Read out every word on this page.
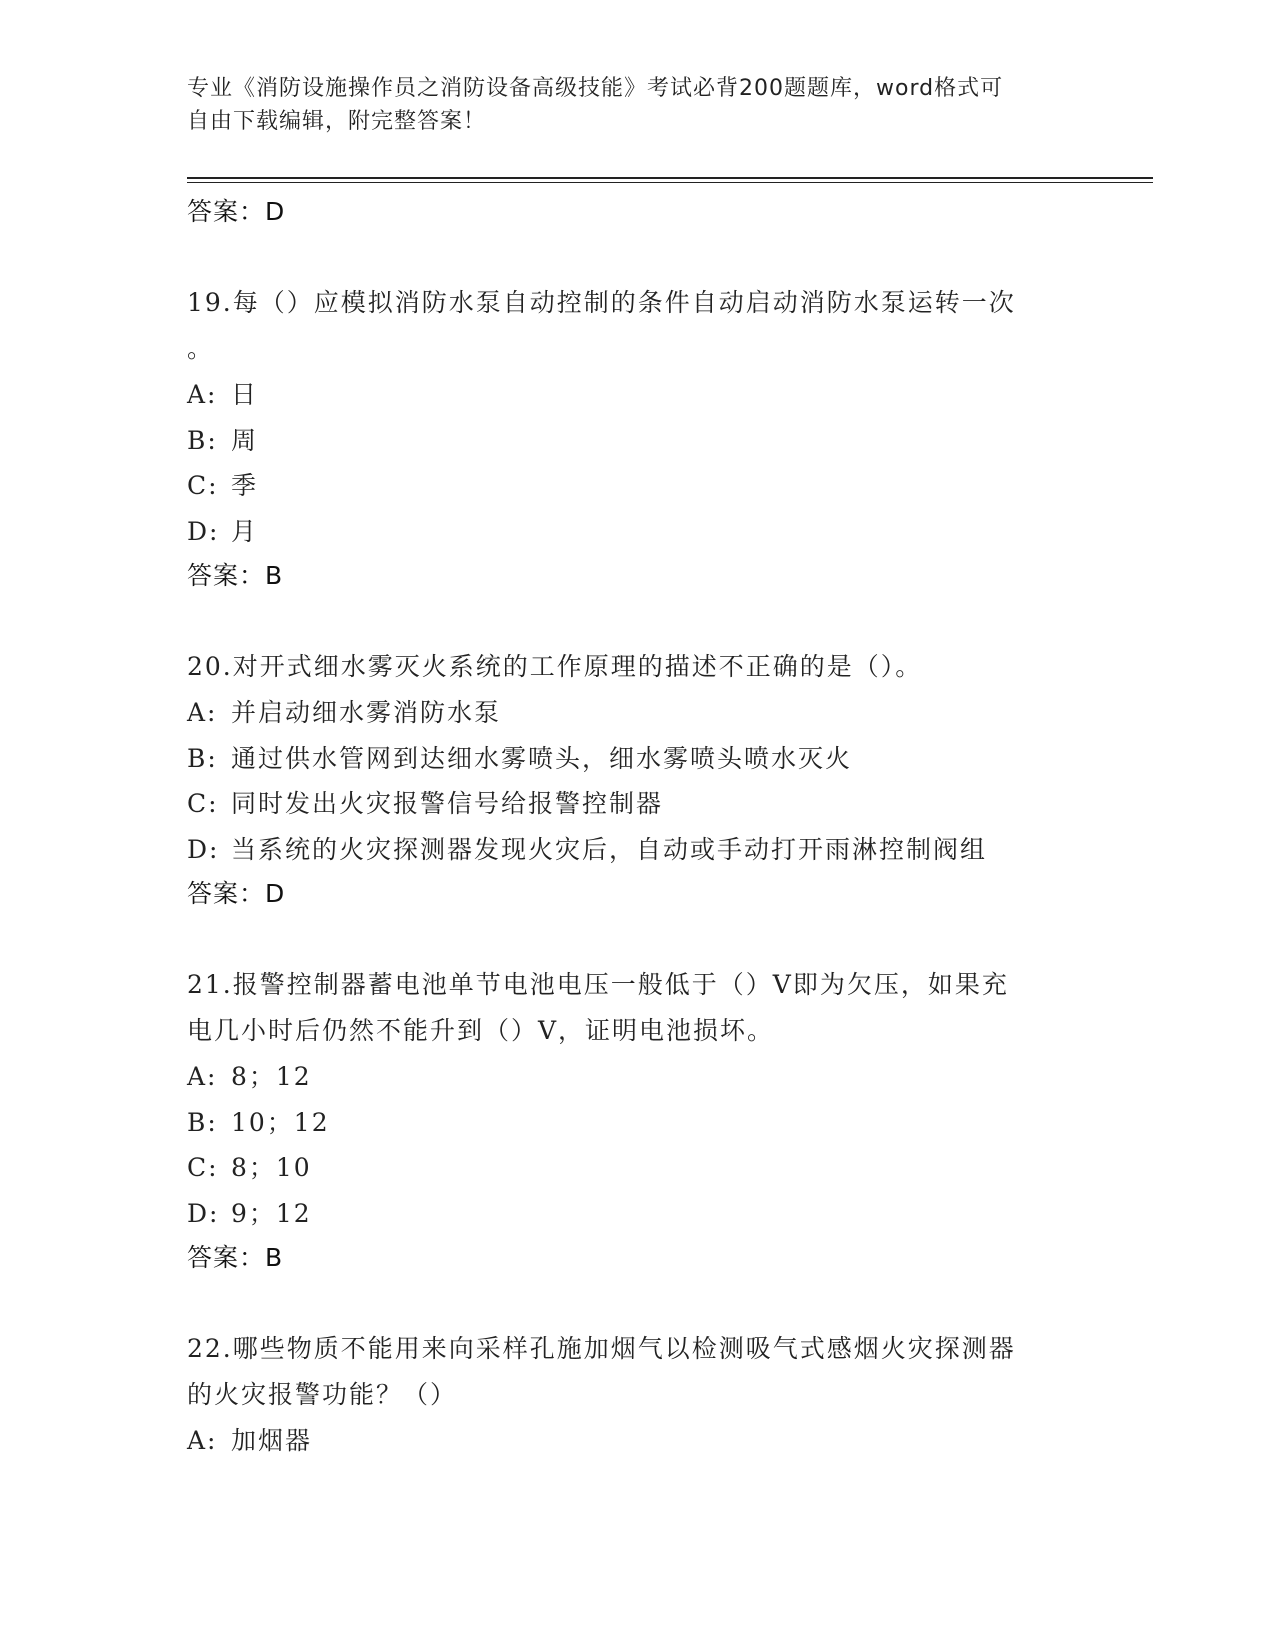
专业《消防设施操作员之消防设备高级技能》考试必背200题题库，word格式可
自由下载编辑，附完整答案！
答案：D
19.每（）应模拟消防水泵自动控制的条件自动启动消防水泵运转一次
。
A: 日
B: 周
C: 季
D: 月
答案：B
20.对开式细水雾灭火系统的工作原理的描述不正确的是（）。
A: 并启动细水雾消防水泵
B: 通过供水管网到达细水雾喷头，细水雾喷头喷水灭火
C: 同时发出火灾报警信号给报警控制器
D: 当系统的火灾探测器发现火灾后，自动或手动打开雨淋控制阀组
答案：D
21.报警控制器蓄电池单节电池电压一般低于（）V即为欠压，如果充
电几小时后仍然不能升到（）V，证明电池损坏。
A: 8；12
B: 10；12
C: 8；10
D: 9；12
答案：B
22.哪些物质不能用来向采样孔施加烟气以检测吸气式感烟火灾探测器
的火灾报警功能？（）
A: 加烟器
